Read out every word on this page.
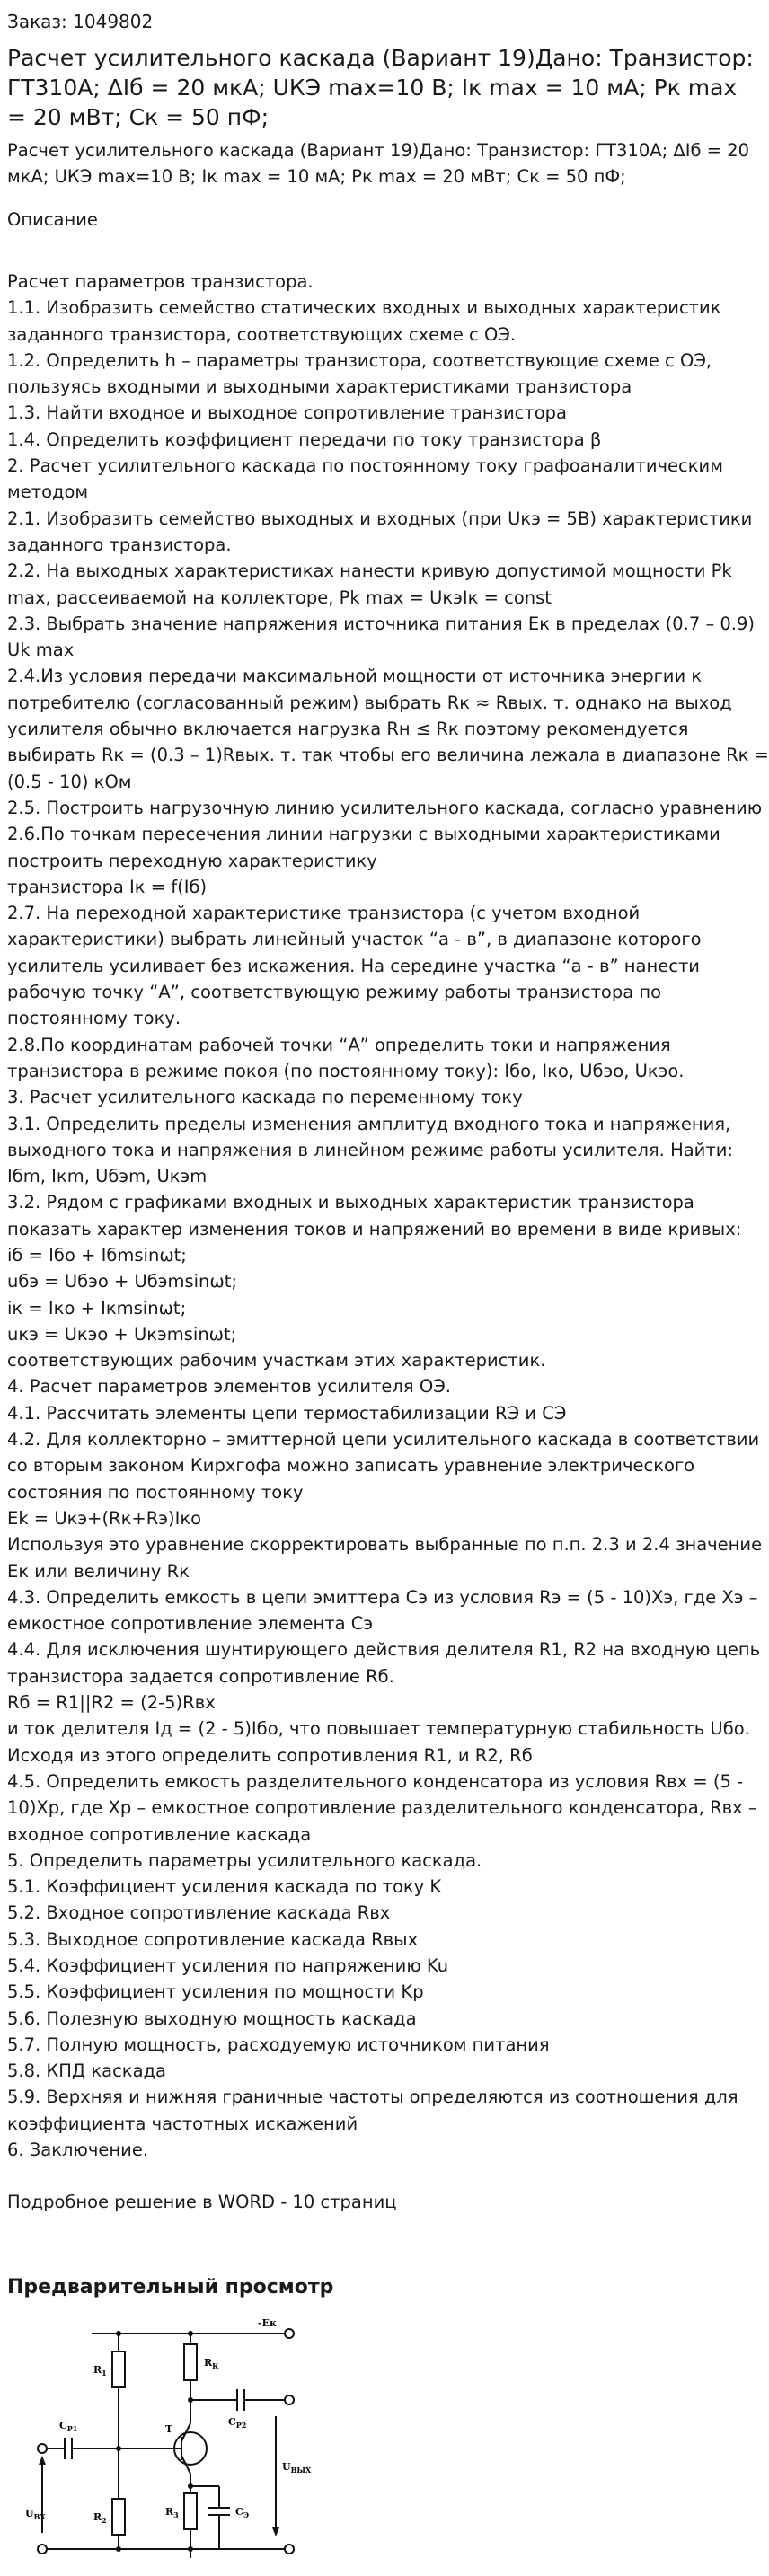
Заказ: 1049802
Расчет усилительного каскада (Вариант 19)Дано: Транзистор: ГТ310А; ΔIб = 20 мкА; UКЭ max=10 В; Iк max = 10 мА; Рк max = 20 мВт; Ск = 50 пФ;
Расчет усилительного каскада (Вариант 19)Дано: Транзистор: ГТ310А; ΔIб = 20 мкА; UКЭ max=10 В; Iк max = 10 мА; Рк max = 20 мВт; Ск = 50 пФ;
Описание
Расчет параметров транзистора.
1.1. Изобразить семейство статических входных и выходных характеристик
заданного транзистора, соответствующих схеме с ОЭ.
1.2. Определить h – параметры транзистора, соответствующие схеме с ОЭ,
пользуясь входными и выходными характеристиками транзистора
1.3. Найти входное и выходное сопротивление транзистора
1.4. Определить коэффициент передачи по току транзистора β
2. Расчет усилительного каскада по постоянному току графоаналитическим
методом
2.1. Изобразить семейство выходных и входных (при Uкэ = 5В) характеристики
заданного транзистора.
2.2. На выходных характеристиках нанести кривую допустимой мощности Pk
max, рассеиваемой на коллекторе, Pk max = UкэIк = const
2.3. Выбрать значение напряжения источника питания Ек в пределах (0.7 – 0.9)
Uk max
2.4.Из условия передачи максимальной мощности от источника энергии к
потребителю (согласованный режим) выбрать Rк ≈ Rвых. т. однако на выход
усилителя обычно включается нагрузка Rн ≤ Rк поэтому рекомендуется
выбирать Rк = (0.3 – 1)Rвых. т. так чтобы его величина лежала в диапазоне Rк =
(0.5 - 10) кОм
2.5. Построить нагрузочную линию усилительного каскада, согласно уравнению
2.6.По точкам пересечения линии нагрузки с выходными характеристиками
построить переходную характеристику
транзистора Iк = f(Iб)
2.7. На переходной характеристике транзистора (с учетом входной
характеристики) выбрать линейный участок “а - в”, в диапазоне которого
усилитель усиливает без искажения. На середине участка “а - в” нанести
рабочую точку “А”, соответствующую режиму работы транзистора по
постоянному току.
2.8.По координатам рабочей точки “А” определить токи и напряжения
транзистора в режиме покоя (по постоянному току): Iбо, Iко, Uбэо, Uкэо.
3. Расчет усилительного каскада по переменному току
3.1. Определить пределы изменения амплитуд входного тока и напряжения,
выходного тока и напряжения в линейном режиме работы усилителя. Найти:
Iбm, Iкm, Uбэm, Uкэm
3.2. Рядом с графиками входных и выходных характеристик транзистора
показать характер изменения токов и напряжений во времени в виде кривых:
iб = Iбо + Iбmsinωt;
uбэ = Uбэо + Uбэmsinωt;
iк = Iко + Iкmsinωt;
uкэ = Uкэо + Uкэmsinωt;
соответствующих рабочим участкам этих характеристик.
4. Расчет параметров элементов усилителя ОЭ.
4.1. Рассчитать элементы цепи термостабилизации RЭ и СЭ
4.2. Для коллекторно – эмиттерной цепи усилительного каскада в соответствии
со вторым законом Кирхгофа можно записать уравнение электрического
состояния по постоянному току
Ek = Uкэ+(Rк+Rэ)Iко
Используя это уравнение скорректировать выбранные по п.п. 2.3 и 2.4 значение
Ек или величину Rк
4.3. Определить емкость в цепи эмиттера Сэ из условия Rэ = (5 - 10)Xэ, где Xэ –
емкостное сопротивление элемента Сэ
4.4. Для исключения шунтирующего действия делителя R1, R2 на входную цепь
транзистора задается сопротивление Rб.
Rб = R1||R2 = (2-5)Rвх
и ток делителя Iд = (2 - 5)Iбо, что повышает температурную стабильность Uбо.
Исходя из этого определить сопротивления R1, и R2, Rб
4.5. Определить емкость разделительного конденсатора из условия Rвх = (5 -
10)Xр, где Xр – емкостное сопротивление разделительного конденсатора, Rвх –
входное сопротивление каскада
5. Определить параметры усилительного каскада.
5.1. Коэффициент усиления каскада по току K
5.2. Входное сопротивление каскада Rвх
5.3. Выходное сопротивление каскада Rвых
5.4. Коэффициент усиления по напряжению Ku
5.5. Коэффициент усиления по мощности Kp
5.6. Полезную выходную мощность каскада
5.7. Полную мощность, расходуемую источником питания
5.8. КПД каскада
5.9. Верхняя и нижняя граничные частоты определяются из соотношения для
коэффициента частотных искажений
6. Заключение.
Подробное решение в WORD - 10 страниц
Предварительный просмотр
-Eк
$R_1$
$R_К$
$C_{P2}$
$C_{P1}$	T
$U_{ВХ}$
$U_{ВЫХ}$
$R_2$
$R_3$	$C_Э$
